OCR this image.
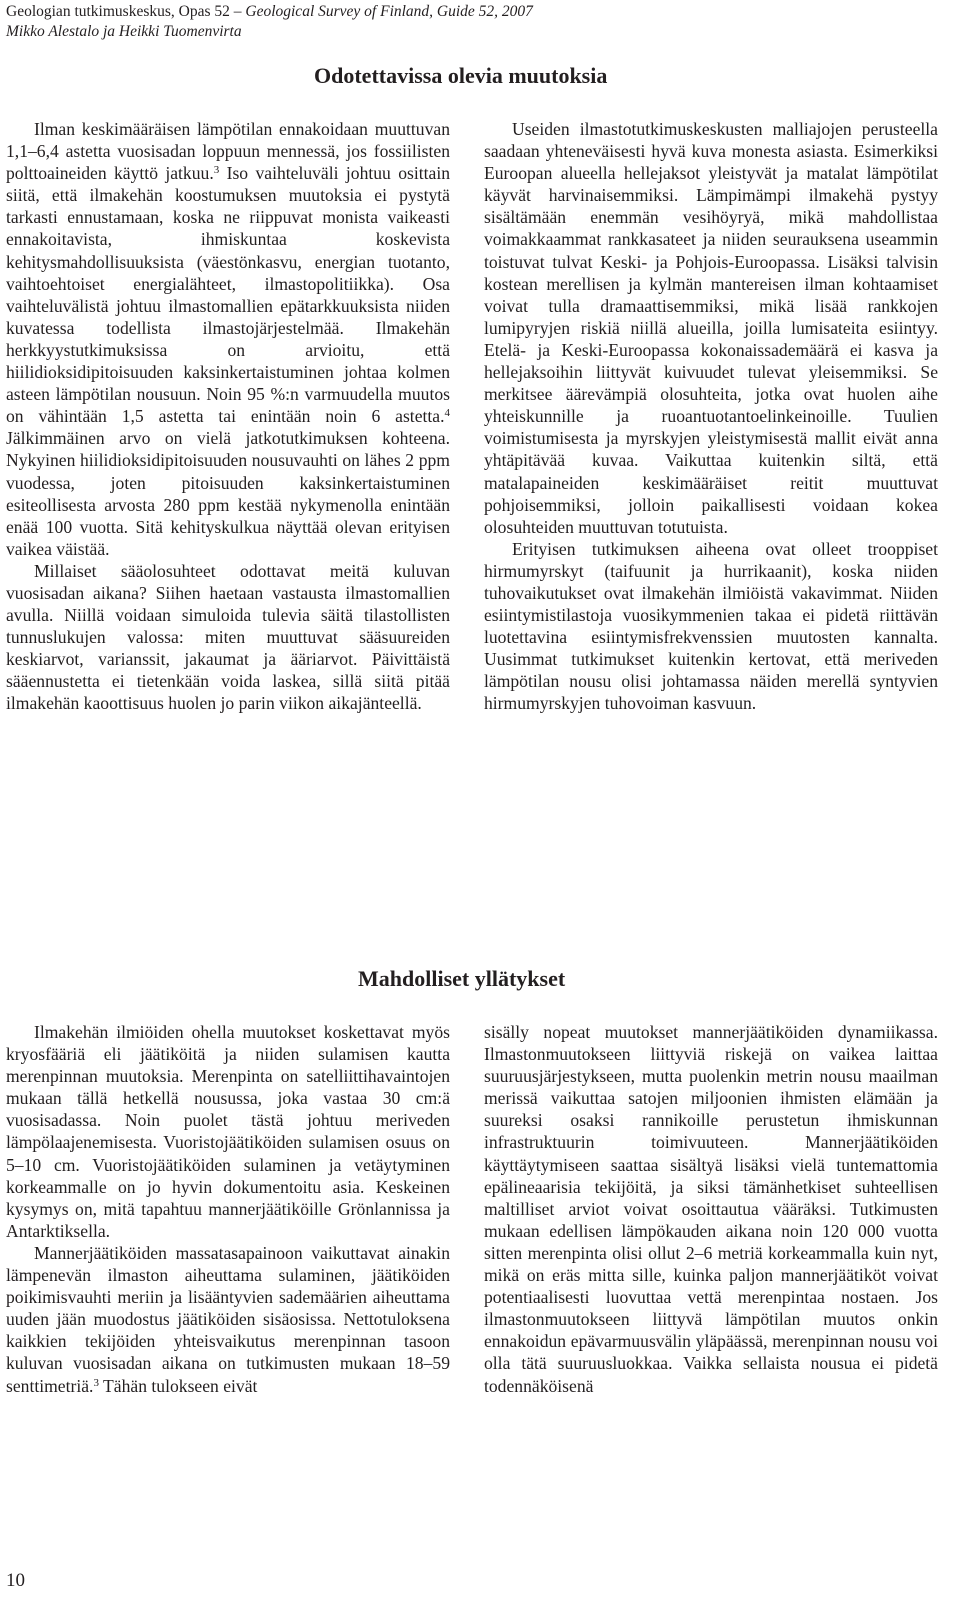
Geologian tutkimuskeskus, Opas 52 – Geological Survey of Finland, Guide 52, 2007
Mikko Alestalo ja Heikki Tuomenvirta
Odotettavissa olevia muutoksia

Ilman keskimääräisen lämpötilan ennakoidaan muuttuvan 1,1–6,4 astetta vuosisadan loppuun mennessä, jos fossiilisten polttoaineiden käyttö jatkuu.$^3$ Iso vaihteluväli johtuu osittain siitä, että ilmakehän koostumuksen muutoksia ei pystytä tarkasti ennustamaan, koska ne riippuvat monista vaikeasti ennakoitavista, ihmiskuntaa koskevista kehitysmahdollisuuksista (väestönkasvu, energian tuotanto, vaihtoehtoiset energialähteet, ilmastopolitiikka). Osa vaihteluvälistä johtuu ilmastomallien epätarkkuuksista niiden kuvatessa todellista ilmastojärjestelmää. Ilmakehän herkkyystutkimuksissa on arvioitu, että hiilidioksidipitoisuuden kaksinkertaistuminen johtaa kolmen asteen lämpötilan nousuun. Noin 95 %:n varmuudella muutos on vähintään 1,5 astetta tai enintään noin 6 astetta.$^4$ Jälkimmäinen arvo on vielä jatkotutkimuksen kohteena. Nykyinen hiilidioksidipitoisuuden nousuvauhti on lähes 2 ppm vuodessa, joten pitoisuuden kaksinkertaistuminen esiteollisesta arvosta 280 ppm kestää nykymenolla enintään enää 100 vuotta. Sitä kehityskulkua näyttää olevan erityisen vaikea väistää.

Millaiset sääolosuhteet odottavat meitä kuluvan vuosisadan aikana? Siihen haetaan vastausta ilmastomallien avulla. Niillä voidaan simuloida tulevia säitä tilastollisten tunnuslukujen valossa: miten muuttuvat sääsuureiden keskiarvot, varianssit, jakaumat ja ääriarvot. Päivittäistä sääennustetta ei tietenkään voida laskea, sillä siitä pitää ilmakehän kaoottisuus huolen jo parin viikon aikajänteellä.

Useiden ilmastotutkimuskeskusten malliajojen perusteella saadaan yhteneväisesti hyvä kuva monesta asiasta. Esimerkiksi Euroopan alueella hellejaksot yleistyvät ja matalat lämpötilat käyvät harvinaisemmiksi. Lämpimämpi ilmakehä pystyy sisältämään enemmän vesihöyryä, mikä mahdollistaa voimakkaammat rankkasateet ja niiden seurauksena useammin toistuvat tulvat Keski- ja Pohjois-Euroopassa. Lisäksi talvisin kostean merellisen ja kylmän mantereisen ilman kohtaamiset voivat tulla dramaattisemmiksi, mikä lisää rankkojen lumipyryjen riskiä niillä alueilla, joilla lumisateita esiintyy. Etelä- ja Keski-Euroopassa kokonaissademäärä ei kasva ja hellejaksoihin liittyvät kuivuudet tulevat yleisemmiksi. Se merkitsee äärevämpiä olosuhteita, jotka ovat huolen aihe yhteiskunnille ja ruoantuotantoelinkeinoille. Tuulien voimistumisesta ja myrskyjen yleistymisestä mallit eivät anna yhtäpitävää kuvaa. Vaikuttaa kuitenkin siltä, että matalapaineiden keskimääräiset reitit muuttuvat pohjoisemmiksi, jolloin paikallisesti voidaan kokea olosuhteiden muuttuvan totutuista.

Erityisen tutkimuksen aiheena ovat olleet trooppiset hirmumyrskyt (taifuunit ja hurrikaanit), koska niiden tuhovaikutukset ovat ilmakehän ilmiöistä vakavimmat. Niiden esiintymistilastoja vuosikymmenien takaa ei pidetä riittävän luotettavina esiintymisfrekvenssien muutosten kannalta. Uusimmat tutkimukset kuitenkin kertovat, että meriveden lämpötilan nousu olisi johtamassa näiden merellä syntyvien hirmumyrskyjen tuhovoiman kasvuun.

Mahdolliset yllätykset

Ilmakehän ilmiöiden ohella muutokset koskettavat myös kryosfääriä eli jäätiköitä ja niiden sulamisen kautta merenpinnan muutoksia. Merenpinta on satelliittihavaintojen mukaan tällä hetkellä nousussa, joka vastaa 30 cm:ä vuosisadassa. Noin puolet tästä johtuu meriveden lämpölaajenemisesta. Vuoristojäätiköiden sulamisen osuus on 5–10 cm. Vuoristojäätiköiden sulaminen ja vetäytyminen korkeammalle on jo hyvin dokumentoitu asia. Keskeinen kysymys on, mitä tapahtuu mannerjäätiköille Grönlannissa ja Antarktiksella.

Mannerjäätiköiden massatasapainoon vaikuttavat ainakin lämpenevän ilmaston aiheuttama sulaminen, jäätiköiden poikimisvauhti meriin ja lisääntyvien sademäärien aiheuttama uuden jään muodostus jäätiköiden sisäosissa. Nettotuloksena kaikkien tekijöiden yhteisvaikutus merenpinnan tasoon kuluvan vuosisadan aikana on tutkimusten mukaan 18–59 senttimetriä.$^3$ Tähän tulokseen eivät

sisälly nopeat muutokset mannerjäätiköiden dynamiikassa. Ilmastonmuutokseen liittyviä riskejä on vaikea laittaa suuruusjärjestykseen, mutta puolenkin metrin nousu maailman merissä vaikuttaa satojen miljoonien ihmisten elämään ja suureksi osaksi rannikoille perustetun ihmiskunnan infrastruktuurin toimivuuteen. Mannerjäätiköiden käyttäytymiseen saattaa sisältyä lisäksi vielä tuntemattomia epälineaarisia tekijöitä, ja siksi tämänhetkiset suhteellisen maltilliset arviot voivat osoittautua vääräksi. Tutkimusten mukaan edellisen lämpökauden aikana noin 120 000 vuotta sitten merenpinta olisi ollut 2–6 metriä korkeammalla kuin nyt, mikä on eräs mitta sille, kuinka paljon mannerjäätiköt voivat potentiaalisesti luovuttaa vettä merenpintaa nostaen. Jos ilmastonmuutokseen liittyvä lämpötilan muutos onkin ennakoidun epävarmuusvälin yläpäässä, merenpinnan nousu voi olla tätä suuruusluokkaa. Vaikka sellaista nousua ei pidetä todennäköisenä

10
